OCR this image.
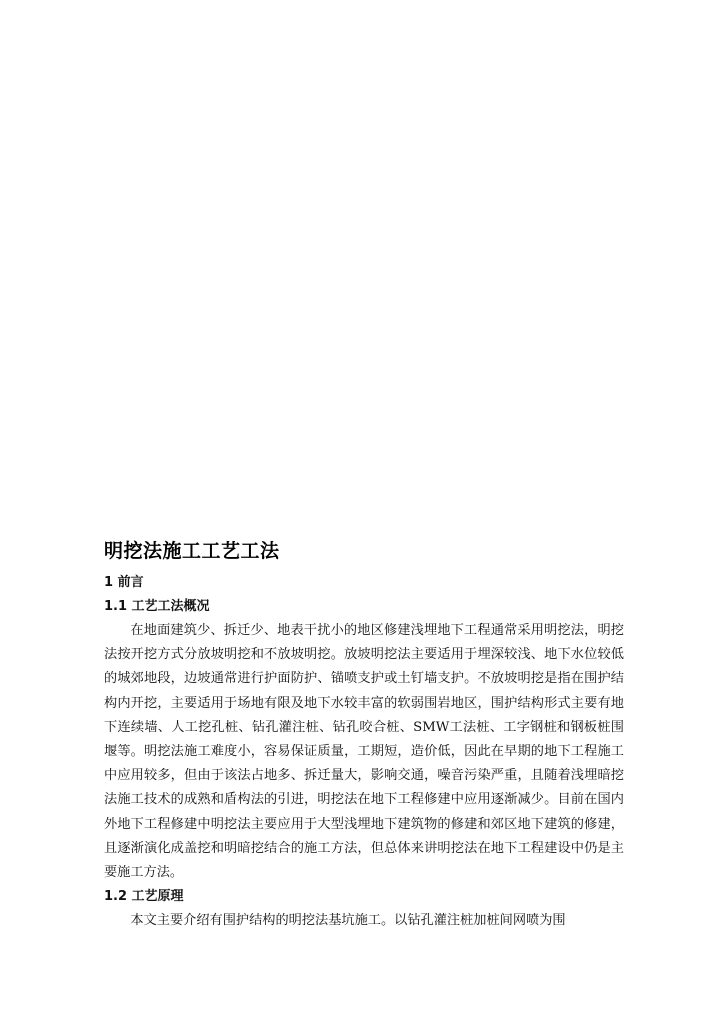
明挖法施工工艺工法
1 前言
1.1 工艺工法概况

在地面建筑少、拆迁少、地表干扰小的地区修建浅埋地下工程通常采用明挖法，明挖法按开挖方式分放坡明挖和不放坡明挖。放坡明挖法主要适用于埋深较浅、地下水位较低的城郊地段，边坡通常进行护面防护、锚喷支护或土钉墙支护。不放坡明挖是指在围护结构内开挖，主要适用于场地有限及地下水较丰富的软弱围岩地区，围护结构形式主要有地下连续墙、人工挖孔桩、钻孔灌注桩、钻孔咬合桩、SMW工法桩、工字钢桩和钢板桩围堰等。明挖法施工难度小，容易保证质量，工期短，造价低，因此在早期的地下工程施工中应用较多，但由于该法占地多、拆迁量大，影响交通，噪音污染严重，且随着浅埋暗挖法施工技术的成熟和盾构法的引进，明挖法在地下工程修建中应用逐渐减少。目前在国内外地下工程修建中明挖法主要应用于大型浅埋地下建筑物的修建和郊区地下建筑的修建，且逐渐演化成盖挖和明暗挖结合的施工方法，但总体来讲明挖法在地下工程建设中仍是主要施工方法。

1.2 工艺原理

本文主要介绍有围护结构的明挖法基坑施工。以钻孔灌注桩加桩间网喷为围
